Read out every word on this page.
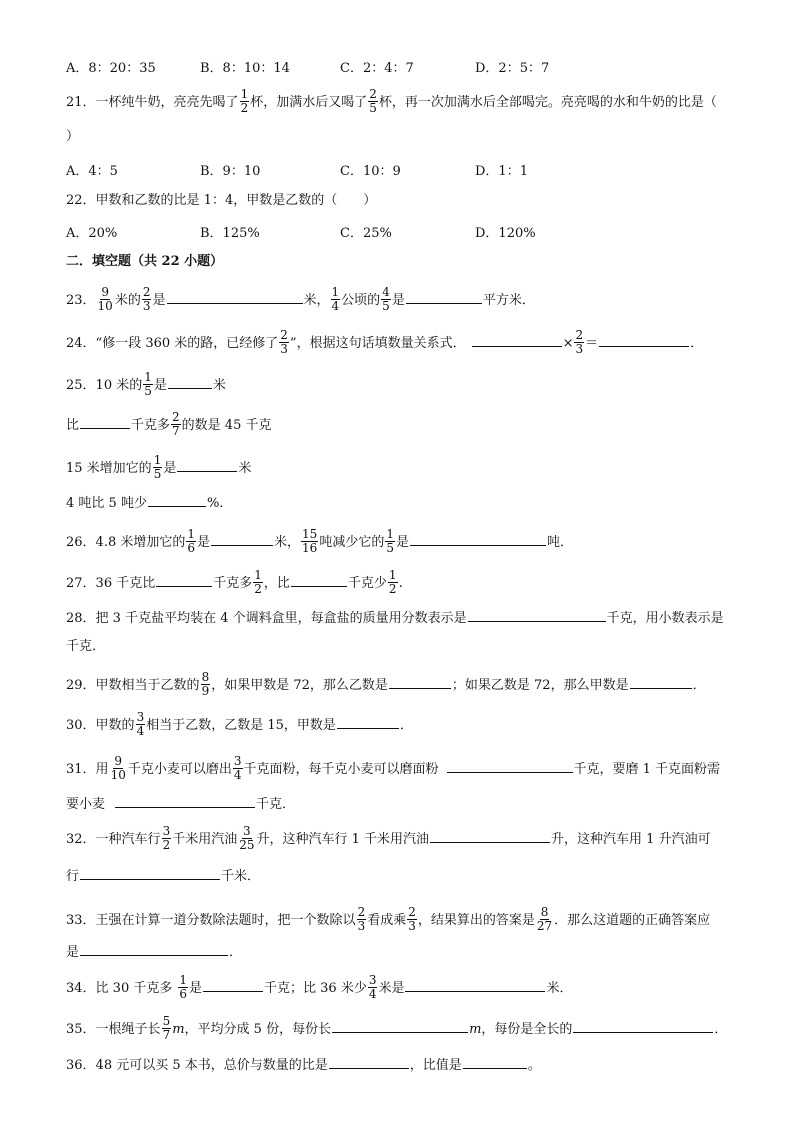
A．8：20：35	B．8：10：14	C．2：4：7	D．2：5：7
21．一杯纯牛奶，亮亮先喝了 $\frac{1}{2}$ 杯，加满水后又喝了 $\frac{2}{5}$ 杯，再一次加满水后全部喝完。亮亮喝的水和牛奶的比是（
）
A．4：5	B．9：10	C．10：9	D．1：1
22．甲数和乙数的比是 1：4，甲数是乙数的（　　）
A．20%	B．125%	C．25%	D．120%
二．填空题（共 22 小题）
23． $\frac{9}{10}$ 米的 $\frac{2}{3}$ 是	米， $\frac{1}{4}$ 公顷的 $\frac{4}{5}$ 是	平方米．
24．“修一段 360 米的路，已经修了 $\frac{2}{3}$ ”，根据这句话填数量关系式．	× $\frac{2}{3}$ ＝	．
25．10 米的 $\frac{1}{5}$ 是	米
比	千克多 $\frac{2}{7}$ 的数是 45 千克
15 米增加它的 $\frac{1}{5}$ 是	米
4 吨比 5 吨少	%.
26．4.8 米增加它的 $\frac{1}{6}$ 是	米， $\frac{15}{16}$ 吨减少它的 $\frac{1}{5}$ 是	吨．
27．36 千克比	千克多 $\frac{1}{2}$ ，比	千克少 $\frac{1}{2}$ .
28．把 3 千克盐平均装在 4 个调料盒里，每盒盐的质量用分数表示是	千克，用小数表示是
千克．
29．甲数相当于乙数的 $\frac{8}{9}$ ，如果甲数是 72，那么乙数是	；如果乙数是 72，那么甲数是	．
30．甲数的 $\frac{3}{4}$ 相当于乙数，乙数是 15，甲数是	．
31．用 $\frac{9}{10}$ 千克小麦可以磨出 $\frac{3}{4}$ 千克面粉，每千克小麦可以磨面粉	千克，要磨 1 千克面粉需
要小麦	千克．
32．一种汽车行 $\frac{3}{2}$ 千米用汽油 $\frac{3}{25}$ 升，这种汽车行 1 千米用汽油	升，这种汽车用 1 升汽油可
行	千米．
33．王强在计算一道分数除法题时，把一个数除以 $\frac{2}{3}$ 看成乘 $\frac{2}{3}$ ，结果算出的答案是 $\frac{8}{27}$ ．那么这道题的正确答案应
是	．
34．比 30 千克多 $\frac{1}{6}$ 是	千克；比 36 米少 $\frac{3}{4}$ 米是	米．
35．一根绳子长 $\frac{5}{7}$ m，平均分成 5 份，每份长	m，每份是全长的	．
36．48 元可以买 5 本书，总价与数量的比是	，比值是	。
